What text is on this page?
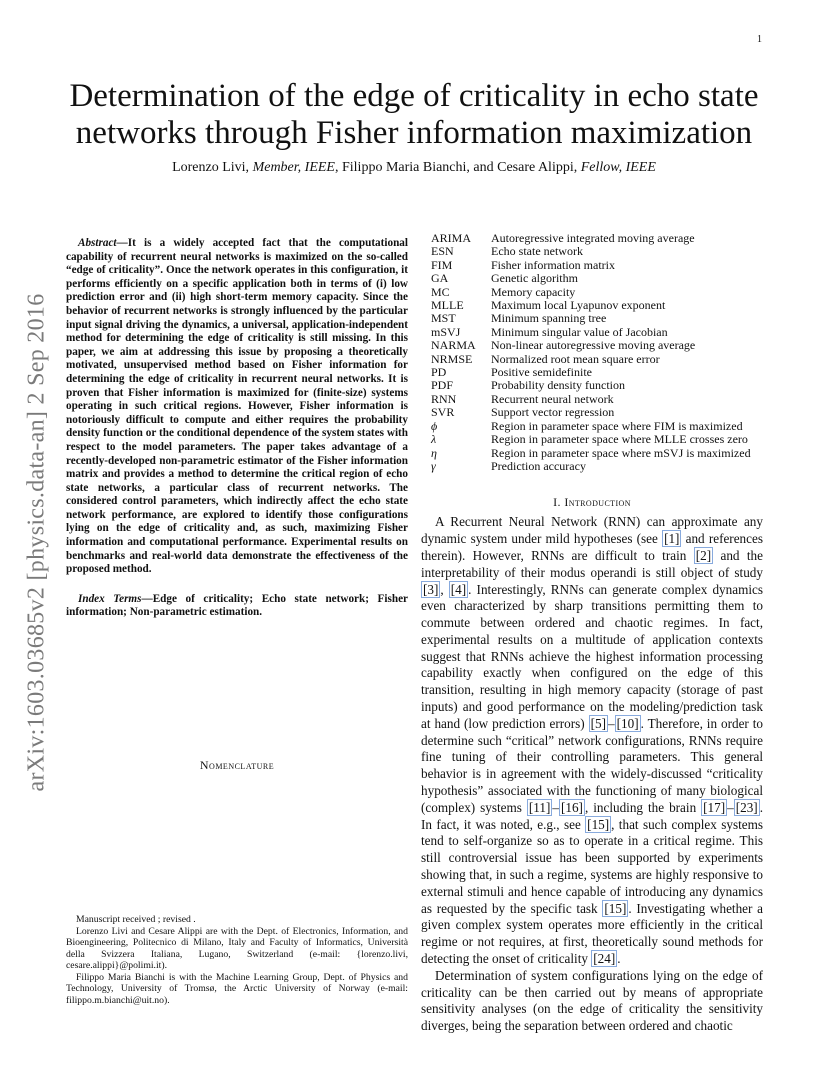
1
arXiv:1603.03685v2 [physics.data-an] 2 Sep 2016
Determination of the edge of criticality in echo state networks through Fisher information maximization
Lorenzo Livi, Member, IEEE, Filippo Maria Bianchi, and Cesare Alippi, Fellow, IEEE

Abstract—It is a widely accepted fact that the computational capability of recurrent neural networks is maximized on the so-called “edge of criticality”. Once the network operates in this configuration, it performs efficiently on a specific application both in terms of (i) low prediction error and (ii) high short-term memory capacity. Since the behavior of recurrent networks is strongly influenced by the particular input signal driving the dynamics, a universal, application-independent method for determining the edge of criticality is still missing. In this paper, we aim at addressing this issue by proposing a theoretically motivated, unsupervised method based on Fisher information for determining the edge of criticality in recurrent neural networks. It is proven that Fisher information is maximized for (finite-size) systems operating in such critical regions. However, Fisher information is notoriously difficult to compute and either requires the probability density function or the conditional dependence of the system states with respect to the model parameters. The paper takes advantage of a recently-developed non-parametric estimator of the Fisher information matrix and provides a method to determine the critical region of echo state networks, a particular class of recurrent networks. The considered control parameters, which indirectly affect the echo state network performance, are explored to identify those configurations lying on the edge of criticality and, as such, maximizing Fisher information and computational performance. Experimental results on benchmarks and real-world data demonstrate the effectiveness of the proposed method.

Index Terms—Edge of criticality; Echo state network; Fisher information; Non-parametric estimation.

Nomenclature

Manuscript received ; revised .

Lorenzo Livi and Cesare Alippi are with the Dept. of Electronics, Information, and Bioengineering, Politecnico di Milano, Italy and Faculty of Informatics, Università della Svizzera Italiana, Lugano, Switzerland (e-mail: {lorenzo.livi, cesare.alippi}@polimi.it).

Filippo Maria Bianchi is with the Machine Learning Group, Dept. of Physics and Technology, University of Tromsø, the Arctic University of Norway (e-mail: filippo.m.bianchi@uit.no).

ARIMA	Autoregressive integrated moving average
ESN	Echo state network
FIM	Fisher information matrix
GA	Genetic algorithm
MC	Memory capacity
MLLE	Maximum local Lyapunov exponent
MST	Minimum spanning tree
mSVJ	Minimum singular value of Jacobian
NARMA	Non-linear autoregressive moving average
NRMSE	Normalized root mean square error
PD	Positive semidefinite
PDF	Probability density function
RNN	Recurrent neural network
SVR	Support vector regression
ϕ	Region in parameter space where FIM is maximized
λ	Region in parameter space where MLLE crosses zero
η	Region in parameter space where mSVJ is maximized
γ	Prediction accuracy
I. Introduction

A Recurrent Neural Network (RNN) can approximate any dynamic system under mild hypotheses (see [1] and references therein). However, RNNs are difficult to train [2] and the interpretability of their modus operandi is still object of study [3] , [4] . Interestingly, RNNs can generate complex dynamics even characterized by sharp transitions permitting them to commute between ordered and chaotic regimes. In fact, experimental results on a multitude of application contexts suggest that RNNs achieve the highest information processing capability exactly when configured on the edge of this transition, resulting in high memory capacity (storage of past inputs) and good performance on the modeling/prediction task at hand (low prediction errors) [5] – [10] . Therefore, in order to determine such “critical” network configurations, RNNs require fine tuning of their controlling parameters. This general behavior is in agreement with the widely-discussed “criticality hypothesis” associated with the functioning of many biological (complex) systems [11] – [16] , including the brain [17] – [23] . In fact, it was noted, e.g., see [15] , that such complex systems tend to self-organize so as to operate in a critical regime. This still controversial issue has been supported by experiments showing that, in such a regime, systems are highly responsive to external stimuli and hence capable of introducing any dynamics as requested by the specific task [15] . Investigating whether a given complex system operates more efficiently in the critical regime or not requires, at first, theoretically sound methods for detecting the onset of criticality [24] .

Determination of system configurations lying on the edge of criticality can be then carried out by means of appropriate sensitivity analyses (on the edge of criticality the sensitivity diverges, being the separation between ordered and chaotic
